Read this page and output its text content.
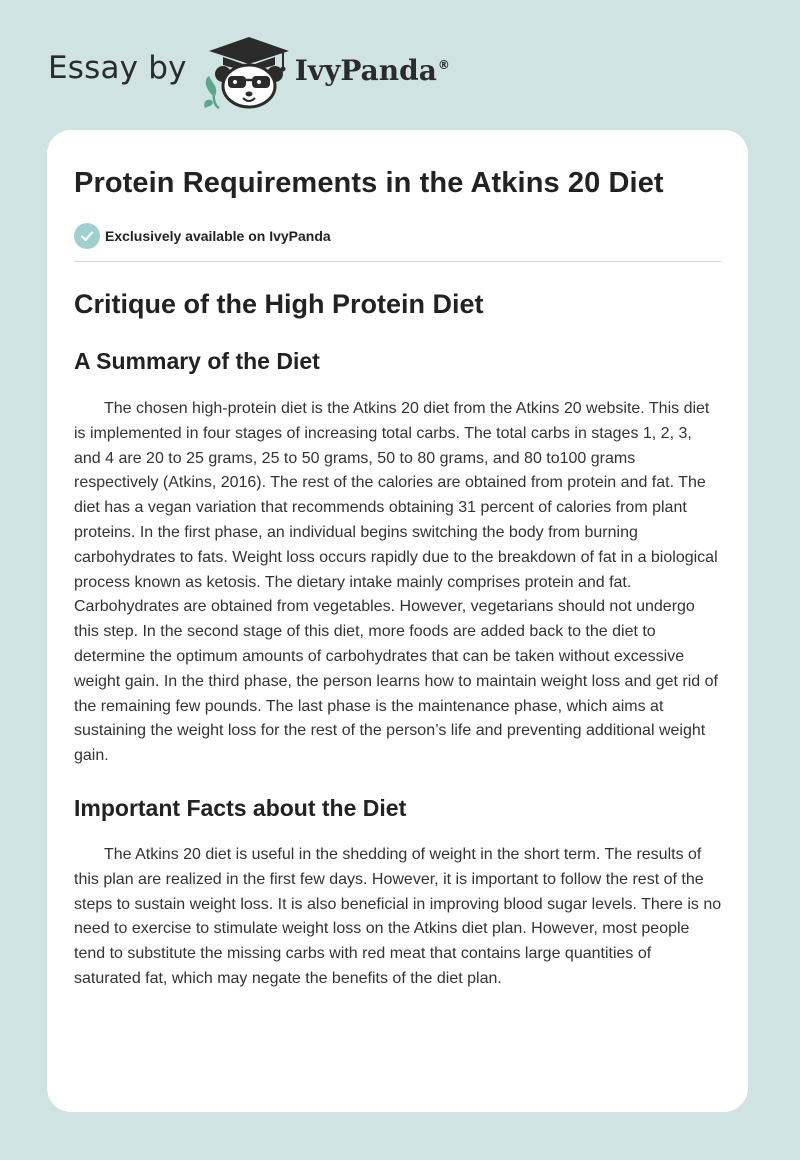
Essay by	IvyPanda®
Protein Requirements in the Atkins 20 Diet
Exclusively available on IvyPanda
Critique of the High Protein Diet
A Summary of the Diet

The chosen high-protein diet is the Atkins 20 diet from the Atkins 20 website. This diet is implemented in four stages of increasing total carbs. The total carbs in stages 1, 2, 3, and 4 are 20 to 25 grams, 25 to 50 grams, 50 to 80 grams, and 80 to100 grams respectively (Atkins, 2016). The rest of the calories are obtained from protein and fat. The diet has a vegan variation that recommends obtaining 31 percent of calories from plant proteins. In the first phase, an individual begins switching the body from burning carbohydrates to fats. Weight loss occurs rapidly due to the breakdown of fat in a biological process known as ketosis. The dietary intake mainly comprises protein and fat. Carbohydrates are obtained from vegetables. However, vegetarians should not undergo this step. In the second stage of this diet, more foods are added back to the diet to determine the optimum amounts of carbohydrates that can be taken without excessive weight gain. In the third phase, the person learns how to maintain weight loss and get rid of the remaining few pounds. The last phase is the maintenance phase, which aims at sustaining the weight loss for the rest of the person’s life and preventing additional weight gain.

Important Facts about the Diet

The Atkins 20 diet is useful in the shedding of weight in the short term. The results of this plan are realized in the first few days. However, it is important to follow the rest of the steps to sustain weight loss. It is also beneficial in improving blood sugar levels. There is no need to exercise to stimulate weight loss on the Atkins diet plan. However, most people tend to substitute the missing carbs with red meat that contains large quantities of saturated fat, which may negate the benefits of the diet plan.
